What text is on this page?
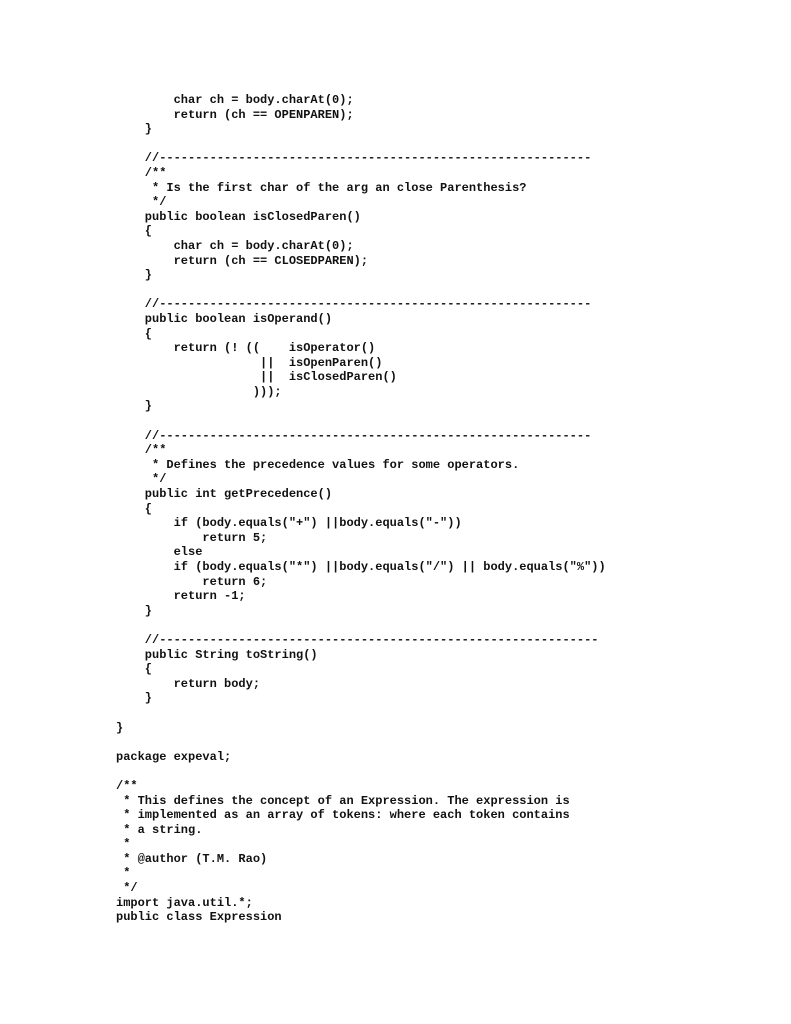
char ch = body.charAt(0);
return (ch == OPENPAREN);
}
//------------------------------------------------------------
/**
* Is the first char of the arg an close Parenthesis?
*/
public boolean isClosedParen()
{
char ch = body.charAt(0);
return (ch == CLOSEDPAREN);
}
//------------------------------------------------------------
public boolean isOperand()
{
return (! ((    isOperator()
||  isOpenParen()
||  isClosedParen()
)));
}
//------------------------------------------------------------
/**
* Defines the precedence values for some operators.
*/
public int getPrecedence()
{
if (body.equals("+") ||body.equals("-"))
return 5;
else
if (body.equals("*") ||body.equals("/") || body.equals("%"))
return 6;
return -1;
}
//-------------------------------------------------------------
public String toString()
{
return body;
}
}
package expeval;
/**
* This defines the concept of an Expression. The expression is
* implemented as an array of tokens: where each token contains
* a string.
*
* @author (T.M. Rao)
*
*/
import java.util.*;
public class Expression
